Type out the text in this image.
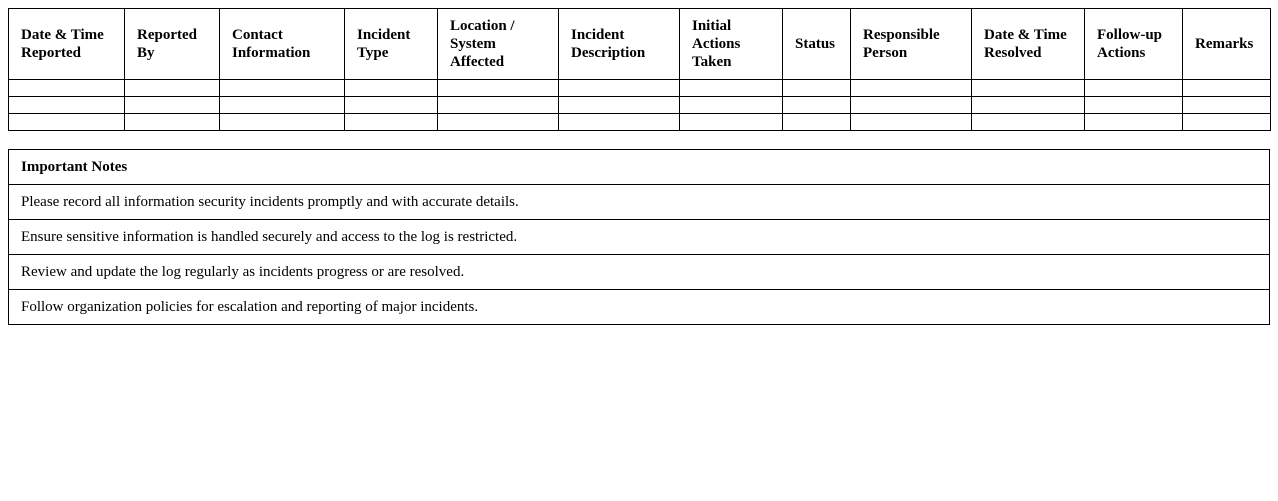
Date & Time Reported	Reported By	Contact Information	Incident Type	Location / System Affected	Incident Description	Initial Actions Taken	Status	Responsible Person	Date & Time Resolved	Follow-up Actions	Remarks

Important Notes
Please record all information security incidents promptly and with accurate details.
Ensure sensitive information is handled securely and access to the log is restricted.
Review and update the log regularly as incidents progress or are resolved.
Follow organization policies for escalation and reporting of major incidents.
